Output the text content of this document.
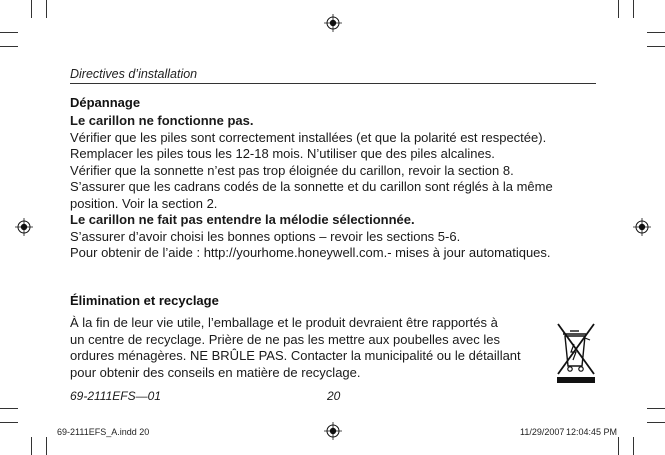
Directives d’installation
Dépannage
Le carillon ne fonctionne pas.
Vérifier que les piles sont correctement installées (et que la polarité est respectée).
Remplacer les piles tous les 12-18 mois. N’utiliser que des piles alcalines.
Vérifier que la sonnette n’est pas trop éloignée du carillon, revoir la section 8.
S’assurer que les cadrans codés de la sonnette et du carillon sont réglés à la même
position. Voir la section 2.
Le carillon ne fait pas entendre la mélodie sélectionnée.
S’assurer d’avoir choisi les bonnes options – revoir les sections 5-6.
Pour obtenir de l’aide : http://yourhome.honeywell.com.- mises à jour automatiques.
Élimination et recyclage
À la fin de leur vie utile, l’emballage et le produit devraient être rapportés à
un centre de recyclage. Prière de ne pas les mettre aux poubelles avec les
ordures ménagères. NE BRÛLE PAS. Contacter la municipalité ou le détaillant
pour obtenir des conseils en matière de recyclage.
69-2111EFS—01	20
69-2111EFS_A.indd 20	11/29/2007 12:04:45 PM
